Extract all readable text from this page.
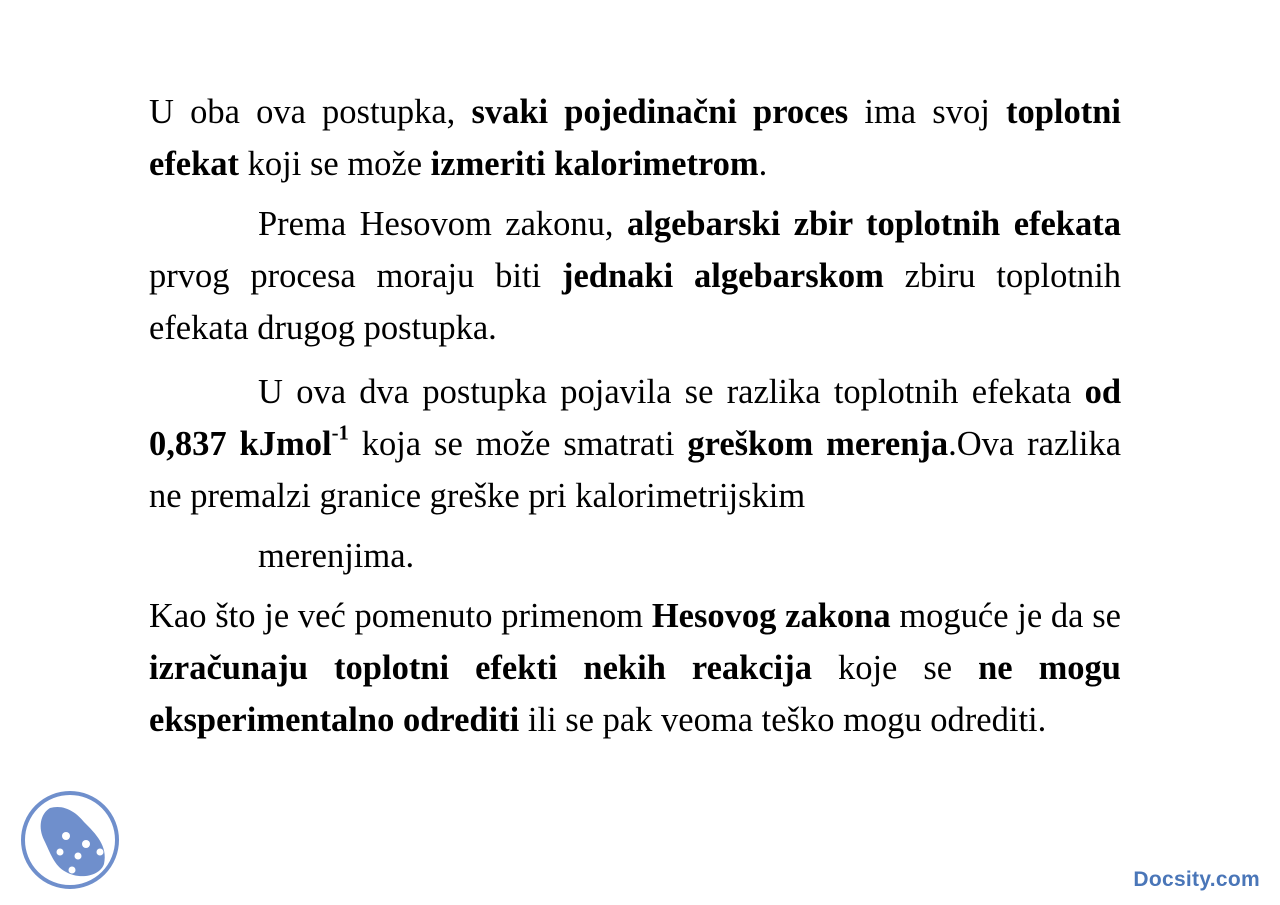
U oba ova postupka, svaki pojedinačni proces ima svoj toplotni efekat koji se može izmeriti kalorimetrom.

Prema Hesovom zakonu, algebarski zbir toplotnih efekata prvog procesa moraju biti jednaki algebarskom zbiru toplotnih efekata drugog postupka.

U ova dva postupka pojavila se razlika toplotnih efekata od 0,837 kJmol$^{-1}$ koja se može smatrati greškom merenja.Ova razlika ne premalzi granice greške pri kalorimetrijskim
merenjima.

Kao što je već pomenuto primenom Hesovog zakona moguće je da se izračunaju toplotni efekti nekih reakcija koje se ne mogu eksperimentalno odrediti ili se pak veoma teško mogu odrediti.

Docsity.com
